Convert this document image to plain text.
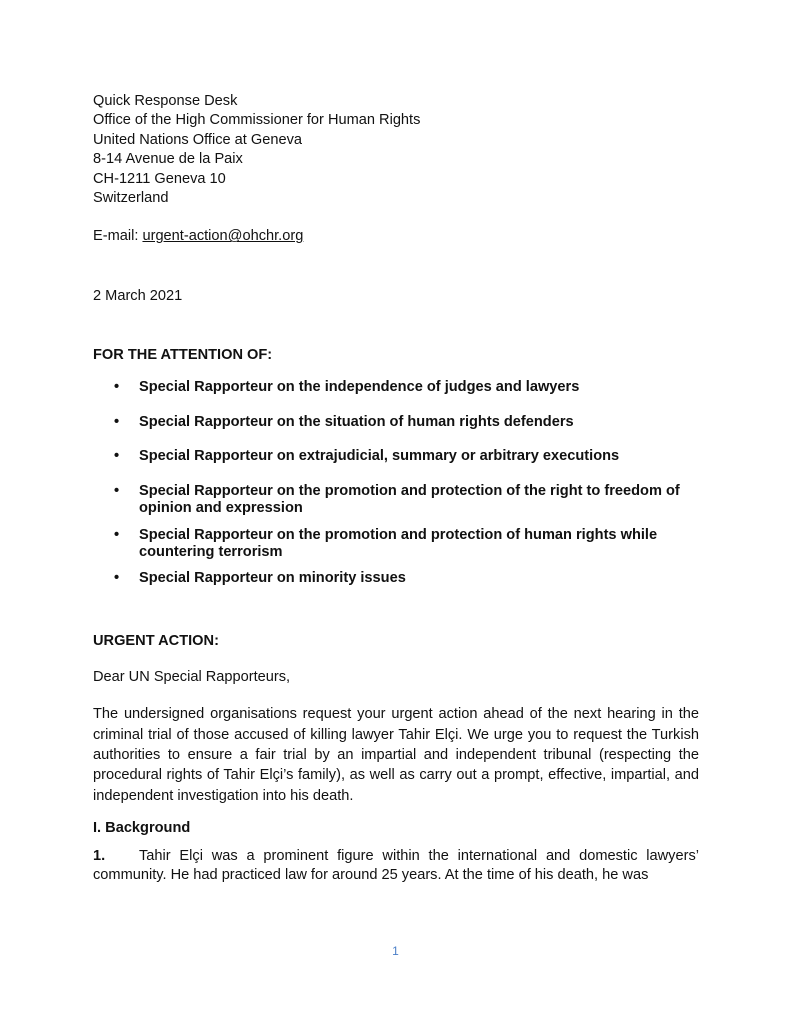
Quick Response Desk
Office of the High Commissioner for Human Rights
United Nations Office at Geneva
8-14 Avenue de la Paix
CH-1211 Geneva 10
Switzerland
E-mail: urgent-action@ohchr.org
2 March 2021
FOR THE ATTENTION OF:
• Special Rapporteur on the independence of judges and lawyers
• Special Rapporteur on the situation of human rights defenders
• Special Rapporteur on extrajudicial, summary or arbitrary executions
• Special Rapporteur on the promotion and protection of the right to freedom of opinion and expression
• Special Rapporteur on the promotion and protection of human rights while countering terrorism
• Special Rapporteur on minority issues
URGENT ACTION:
Dear UN Special Rapporteurs,
The undersigned organisations request your urgent action ahead of the next hearing in the criminal trial of those accused of killing lawyer Tahir Elçi. We urge you to request the Turkish authorities to ensure a fair trial by an impartial and independent tribunal (respecting the procedural rights of Tahir Elçi’s family), as well as carry out a prompt, effective, impartial, and independent investigation into his death.
I. Background
1. Tahir Elçi was a prominent figure within the international and domestic lawyers’ community. He had practiced law for around 25 years. At the time of his death, he was
1
